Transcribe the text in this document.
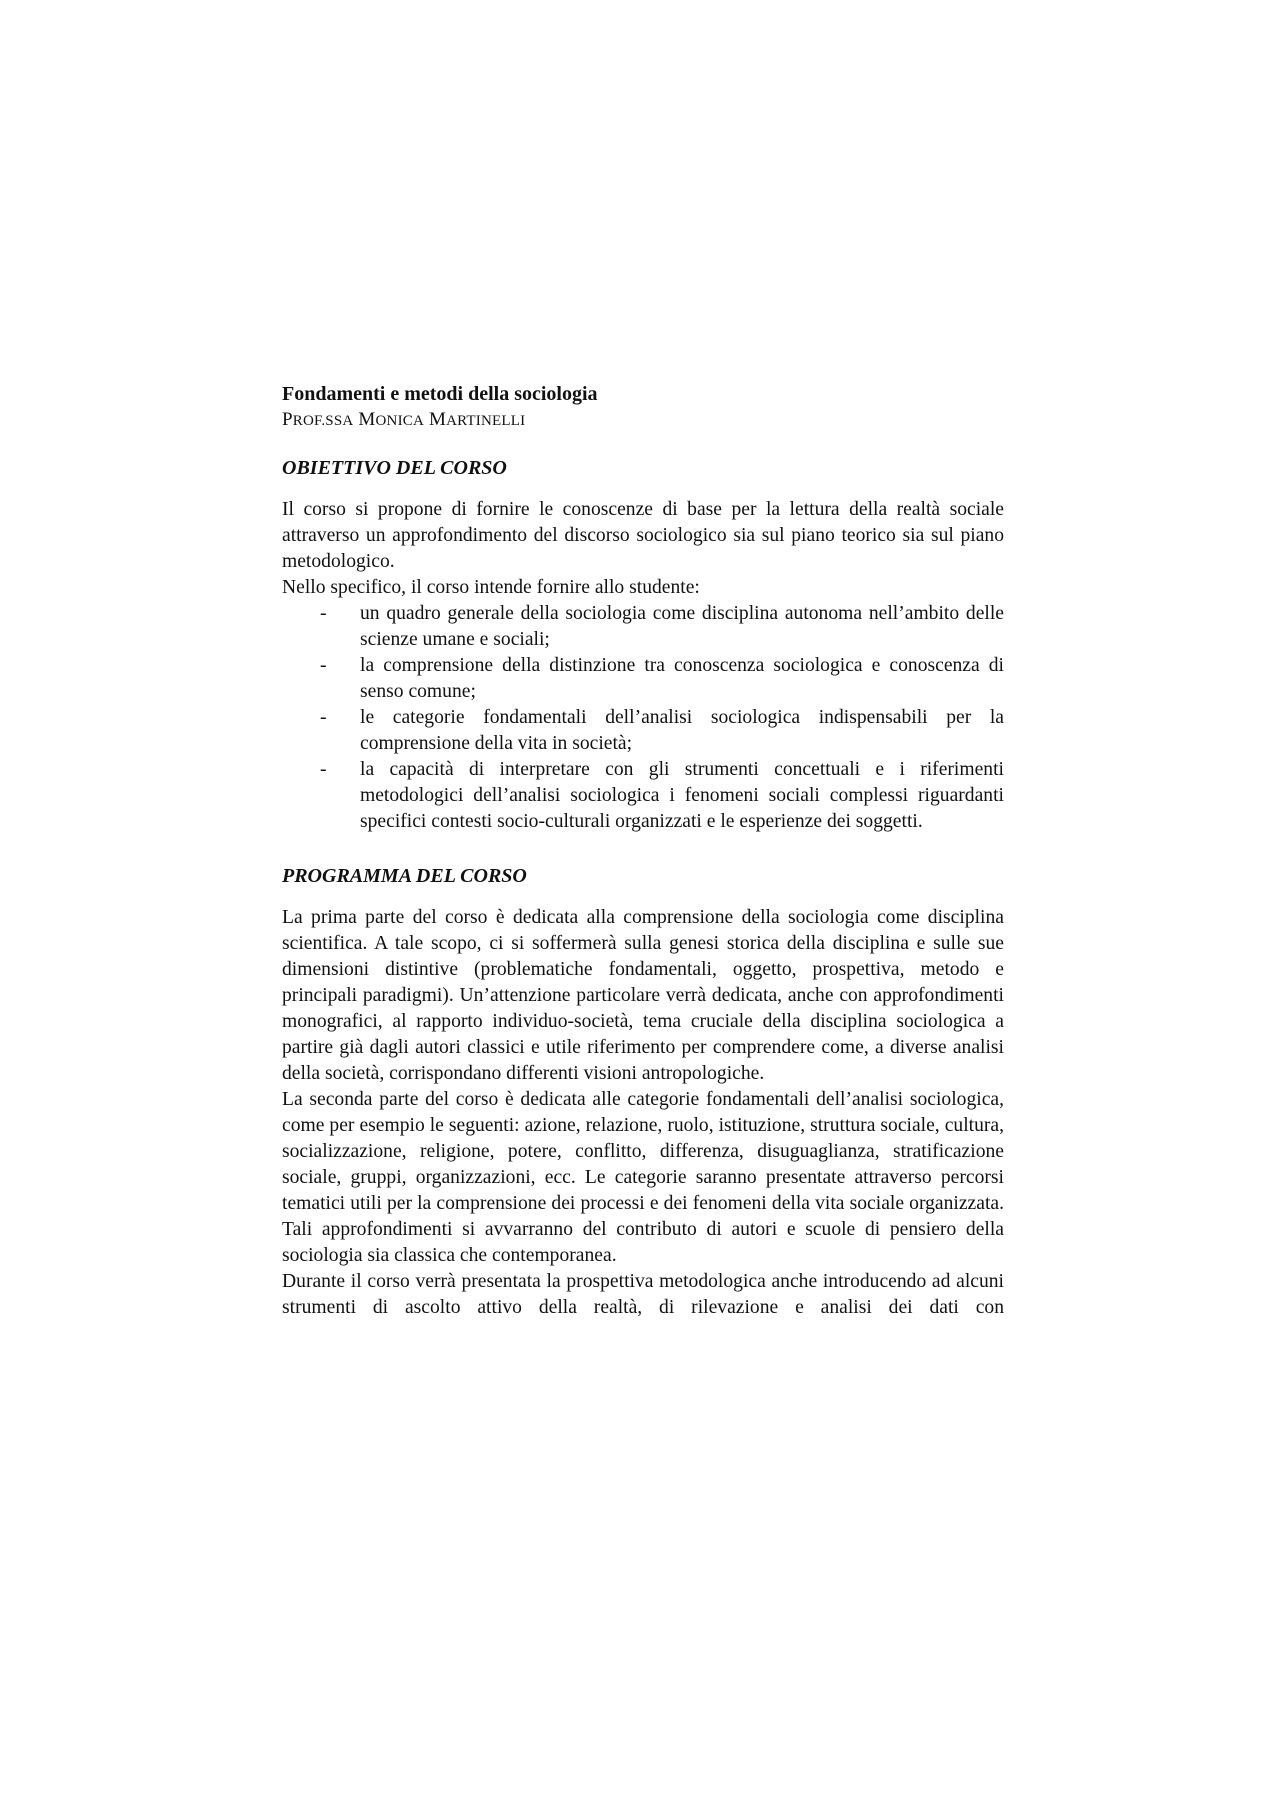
Fondamenti e metodi della sociologia

PROF.SSA MONICA MARTINELLI

OBIETTIVO DEL CORSO

Il corso si propone di fornire le conoscenze di base per la lettura della realtà sociale attraverso un approfondimento del discorso sociologico sia sul piano teorico sia sul piano metodologico.

Nello specifico, il corso intende fornire allo studente:

- un quadro generale della sociologia come disciplina autonoma nell’ambito delle scienze umane e sociali;
- la comprensione della distinzione tra conoscenza sociologica e conoscenza di senso comune;
- le categorie fondamentali dell’analisi sociologica indispensabili per la comprensione della vita in società;
- la capacità di interpretare con gli strumenti concettuali e i riferimenti metodologici dell’analisi sociologica i fenomeni sociali complessi riguardanti specifici contesti socio-culturali organizzati e le esperienze dei soggetti.
PROGRAMMA DEL CORSO

La prima parte del corso è dedicata alla comprensione della sociologia come disciplina scientifica. A tale scopo, ci si soffermerà sulla genesi storica della disciplina e sulle sue dimensioni distintive (problematiche fondamentali, oggetto, prospettiva, metodo e principali paradigmi). Un’attenzione particolare verrà dedicata, anche con approfondimenti monografici, al rapporto individuo-società, tema cruciale della disciplina sociologica a partire già dagli autori classici e utile riferimento per comprendere come, a diverse analisi della società, corrispondano differenti visioni antropologiche.

La seconda parte del corso è dedicata alle categorie fondamentali dell’analisi sociologica, come per esempio le seguenti: azione, relazione, ruolo, istituzione, struttura sociale, cultura, socializzazione, religione, potere, conflitto, differenza, disuguaglianza, stratificazione sociale, gruppi, organizzazioni, ecc. Le categorie saranno presentate attraverso percorsi tematici utili per la comprensione dei processi e dei fenomeni della vita sociale organizzata. Tali approfondimenti si avvarranno del contributo di autori e scuole di pensiero della sociologia sia classica che contemporanea.

Durante il corso verrà presentata la prospettiva metodologica anche introducendo ad alcuni strumenti di ascolto attivo della realtà, di rilevazione e analisi dei dati con
